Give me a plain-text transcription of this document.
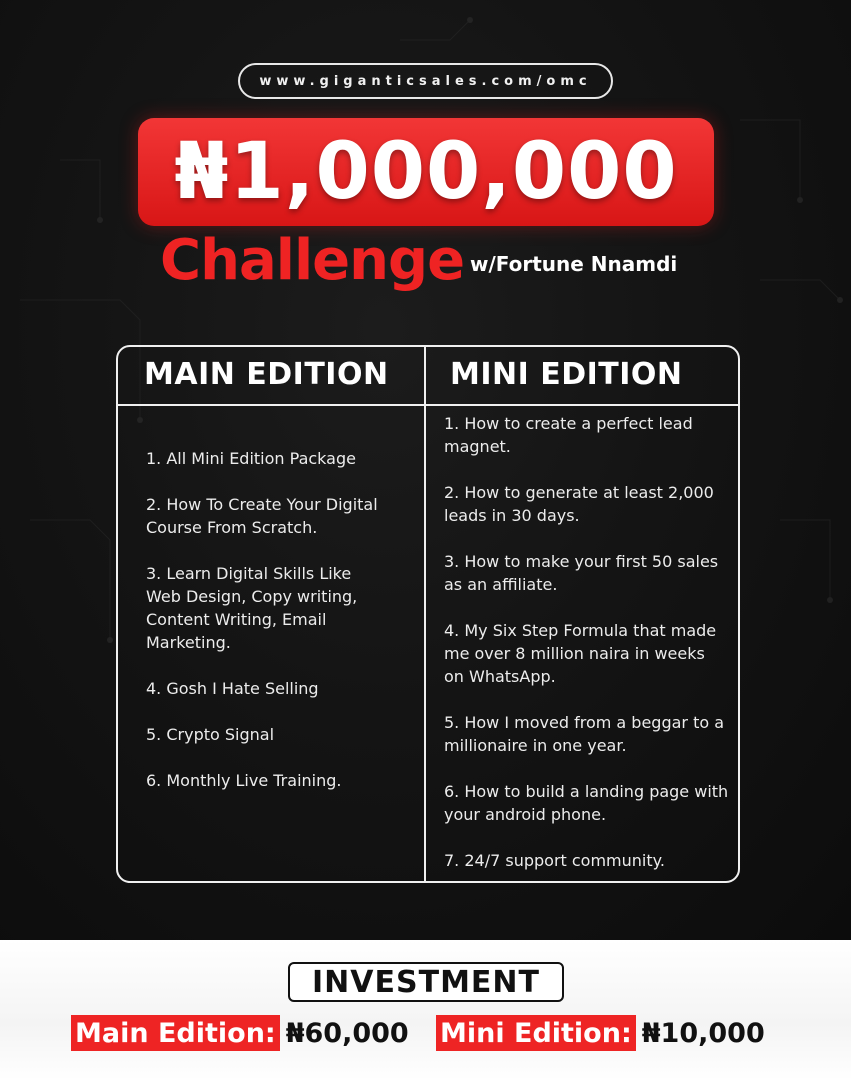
www.giganticsales.com/omc
₦1,000,000
Challenge w/Fortune Nnamdi
MAIN EDITION MINI EDITION
1. All Mini Edition Package
2. How To Create Your Digital Course From Scratch.
3. Learn Digital Skills Like Web Design, Copy writing, Content Writing, Email Marketing.
4. Gosh I Hate Selling
5. Crypto Signal
6. Monthly Live Training.
1. How to create a perfect lead magnet.
2. How to generate at least 2,000 leads in 30 days.
3. How to make your first 50 sales as an affiliate.
4. My Six Step Formula that made me over 8 million naira in weeks on WhatsApp.
5. How I moved from a beggar to a millionaire in one year.
6. How to build a landing page with your android phone.
7. 24/7 support community.
INVESTMENT
Main Edition: ₦60,000 Mini Edition: ₦10,000
